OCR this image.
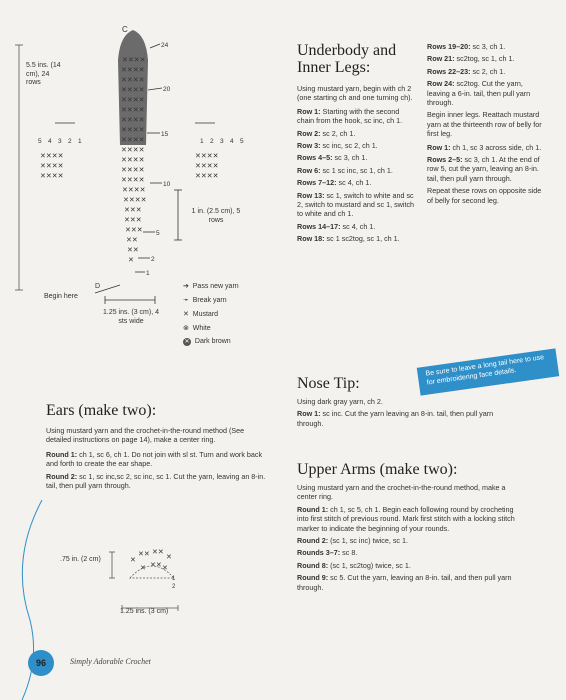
✕✕✕✕
✕✕✕✕
✕✕✕✕
✕✕✕✕
✕✕✕✕
✕✕✕✕
✕✕✕✕
✕✕✕✕
✕✕✕✕
✕✕✕✕
✕✕✕✕
✕✕✕✕
✕✕✕✕
✕✕✕✕
✕✕✕✕
✕✕✕
✕✕✕
✕✕✕
✕✕
✕✕
✕
✕✕✕✕
✕✕✕✕
✕✕✕✕
✕✕✕✕
✕✕✕✕
✕✕✕✕
24
20
15
10
5
2
1
C
D
5 4 3 2 1	1 2 3 4 5
5.5 ins. (14 cm), 24 rows
1 in. (2.5 cm), 5 rows
1.25 ins. (3 cm), 4 sts wide
Begin here
➔ Pass new yarn
➛ Break yarn
✕ Mustard
⊗ White
✕ Dark brown
Underbody and Inner Legs:
Using mustard yarn, begin with ch 2 (one starting ch and one turning ch).
Row 1: Starting with the second chain from the hook, sc inc, ch 1.
Row 2: sc 2, ch 1.
Row 3: sc inc, sc 2, ch 1.
Rows 4–5: sc 3, ch 1.
Row 6: sc 1 sc inc, sc 1, ch 1.
Rows 7–12: sc 4, ch 1.
Row 13: sc 1, switch to white and sc 2, switch to mustard and sc 1, switch to white and ch 1.
Rows 14–17: sc 4, ch 1.
Row 18: sc 1 sc2tog, sc 1, ch 1.
Rows 19–20: sc 3, ch 1.
Row 21: sc2tog, sc 1, ch 1.
Rows 22–23: sc 2, ch 1.
Row 24: sc2tog. Cut the yarn, leaving a 6-in. tail, then pull yarn through.
Begin inner legs. Reattach mustard yarn at the thirteenth row of belly for first leg.
Row 1: ch 1, sc 3 across side, ch 1.
Rows 2–5: sc 3, ch 1. At the end of row 5, cut the yarn, leaving an 8-in. tail, then pull yarn through.
Repeat these rows on opposite side of belly for second leg.
Be sure to leave a long tail here to use for embroidering face details.
Nose Tip:
Using dark gray yarn, ch 2.
Row 1: sc inc. Cut the yarn leaving an 8-in. tail, then pull yarn through.
Upper Arms (make two):
Using mustard yarn and the crochet-in-the-round method, make a center ring.
Round 1: ch 1, sc 5, ch 1. Begin each following round by crocheting into first stitch of previous round. Mark first stitch with a locking stitch marker to indicate the beginning of your rounds.
Round 2: (sc 1, sc inc) twice, sc 1.
Rounds 3–7: sc 8.
Round 8: (sc 1, sc2tog) twice, sc 1.
Round 9: sc 5. Cut the yarn, leaving an 8-in. tail, and then pull yarn through.
Ears (make two):
Using mustard yarn and the crochet-in-the-round method (See detailed instructions on page 14), make a center ring.
Round 1: ch 1, sc 6, ch 1. Do not join with sl st. Turn and work back and forth to create the ear shape.
Round 2: sc 1, sc inc,sc 2, sc inc, sc 1. Cut the yarn, leaving an 8-in. tail, then pull yarn through.
✕
✕✕ ✕✕
✕
✕ ✕✕ ✕
1
2
.75 in. (2 cm)
1.25 ins. (3 cm)
96	Simply Adorable Crochet
